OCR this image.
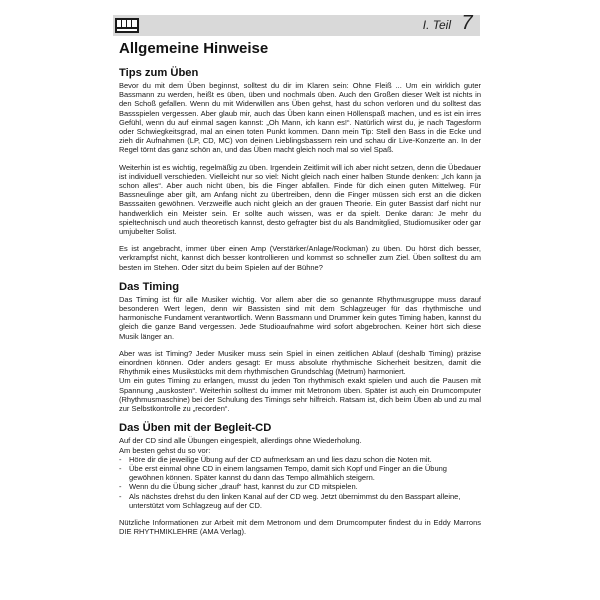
I. Teil 7
Allgemeine Hinweise
Tips zum Üben

Bevor du mit dem Üben beginnst, solltest du dir im Klaren sein: Ohne Fleiß ... Um ein wirklich guter Bassmann zu werden, heißt es üben, üben und nochmals üben. Auch den Großen dieser Welt ist nichts in den Schoß gefallen. Wenn du mit Widerwillen ans Üben gehst, hast du schon verloren und du solltest das Bassspielen vergessen. Aber glaub mir, auch das Üben kann einen Höllenspaß machen, und es ist ein irres Gefühl, wenn du auf einmal sagen kannst: „Oh Mann, ich kann es!“. Natürlich wirst du, je nach Tagesform oder Schwiegkeitsgrad, mal an einen toten Punkt kommen. Dann mein Tip: Stell den Bass in die Ecke und zieh dir Aufnahmen (LP, CD, MC) von deinen Lieblingsbassern rein und schau dir Live-Konzerte an. In der Regel törnt das ganz schön an, und das Üben macht gleich noch mal so viel Spaß.

Weiterhin ist es wichtig, regelmäßig zu üben. Irgendein Zeitlimit will ich aber nicht setzen, denn die Übedauer ist individuell verschieden. Vielleicht nur so viel: Nicht gleich nach einer halben Stunde denken: „Ich kann ja schon alles“. Aber auch nicht üben, bis die Finger abfallen. Finde für dich einen guten Mittelweg. Für Bassneulinge aber gilt, am Anfang nicht zu übertreiben, denn die Finger müssen sich erst an die dicken Basssaiten gewöhnen. Verzweifle auch nicht gleich an der grauen Theorie. Ein guter Bassist darf nicht nur handwerklich ein Meister sein. Er sollte auch wissen, was er da spielt. Denke daran: Je mehr du spieltechnisch und auch theoretisch kannst, desto gefragter bist du als Bandmitglied, Studiomusiker oder gar umjubelter Solist.

Es ist angebracht, immer über einen Amp (Verstärker/Anlage/Rockman) zu üben. Du hörst dich besser, verkrampfst nicht, kannst dich besser kontrollieren und kommst so schneller zum Ziel. Üben solltest du am besten im Stehen. Oder sitzt du beim Spielen auf der Bühne?

Das Timing

Das Timing ist für alle Musiker wichtig. Vor allem aber die so genannte Rhythmusgruppe muss darauf besonderen Wert legen, denn wir Bassisten sind mit dem Schlagzeuger für das rhythmische und harmonische Fundament verantwortlich. Wenn Bassmann und Drummer kein gutes Timing haben, kannst du gleich die ganze Band vergessen. Jede Studioaufnahme wird sofort abgebrochen. Keiner hört sich diese Musik länger an.

Aber was ist Timing? Jeder Musiker muss sein Spiel in einen zeitlichen Ablauf (deshalb Timing) präzise einordnen können. Oder anders gesagt: Er muss absolute rhythmische Sicherheit besitzen, damit die Rhythmik eines Musikstücks mit dem rhythmischen Grundschlag (Metrum) harmoniert.

Um ein gutes Timing zu erlangen, musst du jeden Ton rhythmisch exakt spielen und auch die Pausen mit Spannung „auskosten“. Weiterhin solltest du immer mit Metronom üben. Später ist auch ein Drumcomputer (Rhythmusmaschine) bei der Schulung des Timings sehr hilfreich. Ratsam ist, dich beim Üben ab und zu mal zur Selbstkontrolle zu „recorden“.

Das Üben mit der Begleit-CD

Auf der CD sind alle Übungen eingespielt, allerdings ohne Wiederholung.

Am besten gehst du so vor:

- Höre dir die jeweilige Übung auf der CD aufmerksam an und lies dazu schon die Noten mit.
- Übe erst einmal ohne CD in einem langsamen Tempo, damit sich Kopf und Finger an die Übung gewöhnen können. Später kannst du dann das Tempo allmählich steigern.
- Wenn du die Übung sicher „drauf“ hast, kannst du zur CD mitspielen.
- Als nächstes drehst du den linken Kanal auf der CD weg. Jetzt übernimmst du den Basspart alleine, unterstützt vom Schlagzeug auf der CD.

Nützliche Informationen zur Arbeit mit dem Metronom und dem Drumcomputer findest du in Eddy Marrons DIE RHYTHMIKLEHRE (AMA Verlag).
